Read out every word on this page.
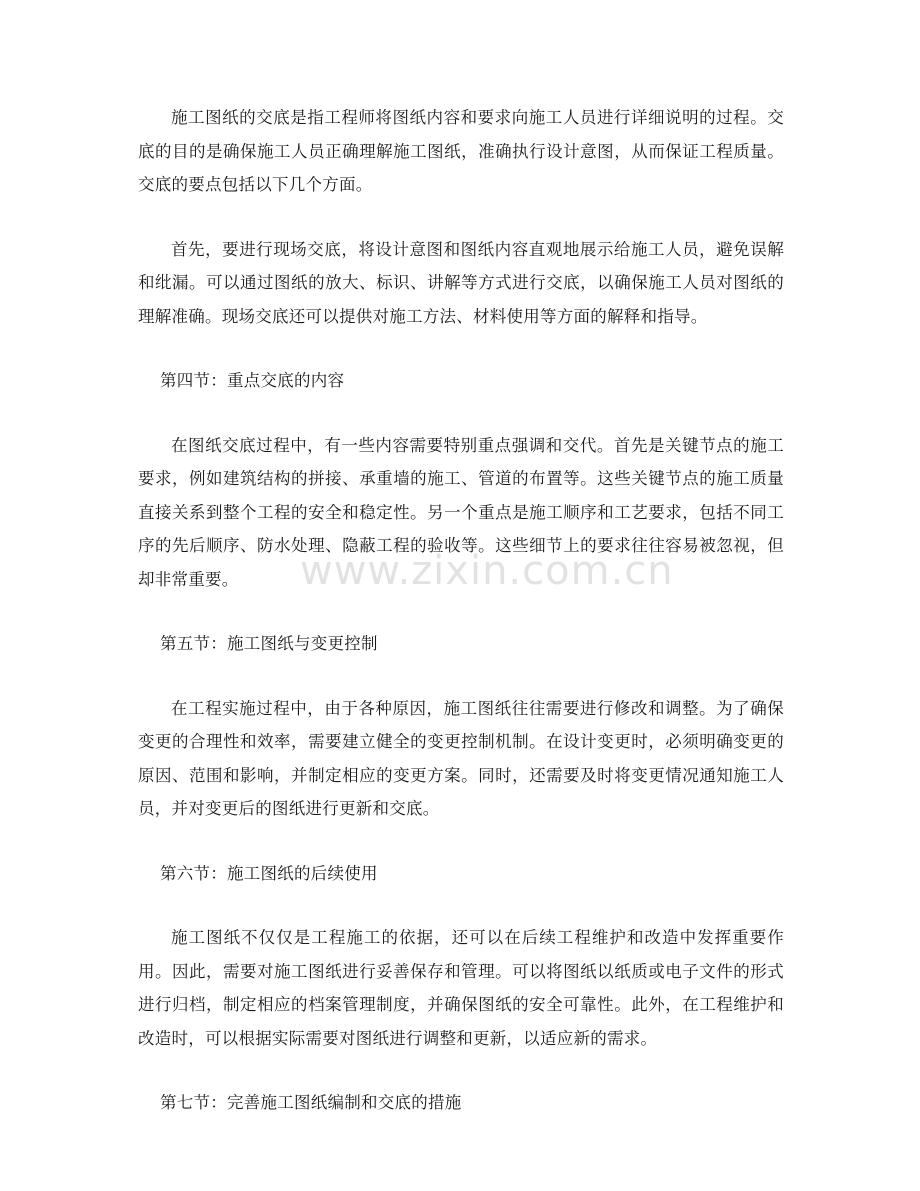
施工图纸的交底是指工程师将图纸内容和要求向施工人员进行详细说明的过程。交底的目的是确保施工人员正确理解施工图纸，准确执行设计意图，从而保证工程质量。交底的要点包括以下几个方面。

首先，要进行现场交底，将设计意图和图纸内容直观地展示给施工人员，避免误解和纰漏。可以通过图纸的放大、标识、讲解等方式进行交底，以确保施工人员对图纸的理解准确。现场交底还可以提供对施工方法、材料使用等方面的解释和指导。

第四节：重点交底的内容

在图纸交底过程中，有一些内容需要特别重点强调和交代。首先是关键节点的施工要求，例如建筑结构的拼接、承重墙的施工、管道的布置等。这些关键节点的施工质量直接关系到整个工程的安全和稳定性。另一个重点是施工顺序和工艺要求，包括不同工序的先后顺序、防水处理、隐蔽工程的验收等。这些细节上的要求往往容易被忽视，但却非常重要。

第五节：施工图纸与变更控制

在工程实施过程中，由于各种原因，施工图纸往往需要进行修改和调整。为了确保变更的合理性和效率，需要建立健全的变更控制机制。在设计变更时，必须明确变更的原因、范围和影响，并制定相应的变更方案。同时，还需要及时将变更情况通知施工人员，并对变更后的图纸进行更新和交底。

第六节：施工图纸的后续使用

施工图纸不仅仅是工程施工的依据，还可以在后续工程维护和改造中发挥重要作用。因此，需要对施工图纸进行妥善保存和管理。可以将图纸以纸质或电子文件的形式进行归档，制定相应的档案管理制度，并确保图纸的安全可靠性。此外，在工程维护和改造时，可以根据实际需要对图纸进行调整和更新，以适应新的需求。

第七节：完善施工图纸编制和交底的措施

www.zixin.com.cn
